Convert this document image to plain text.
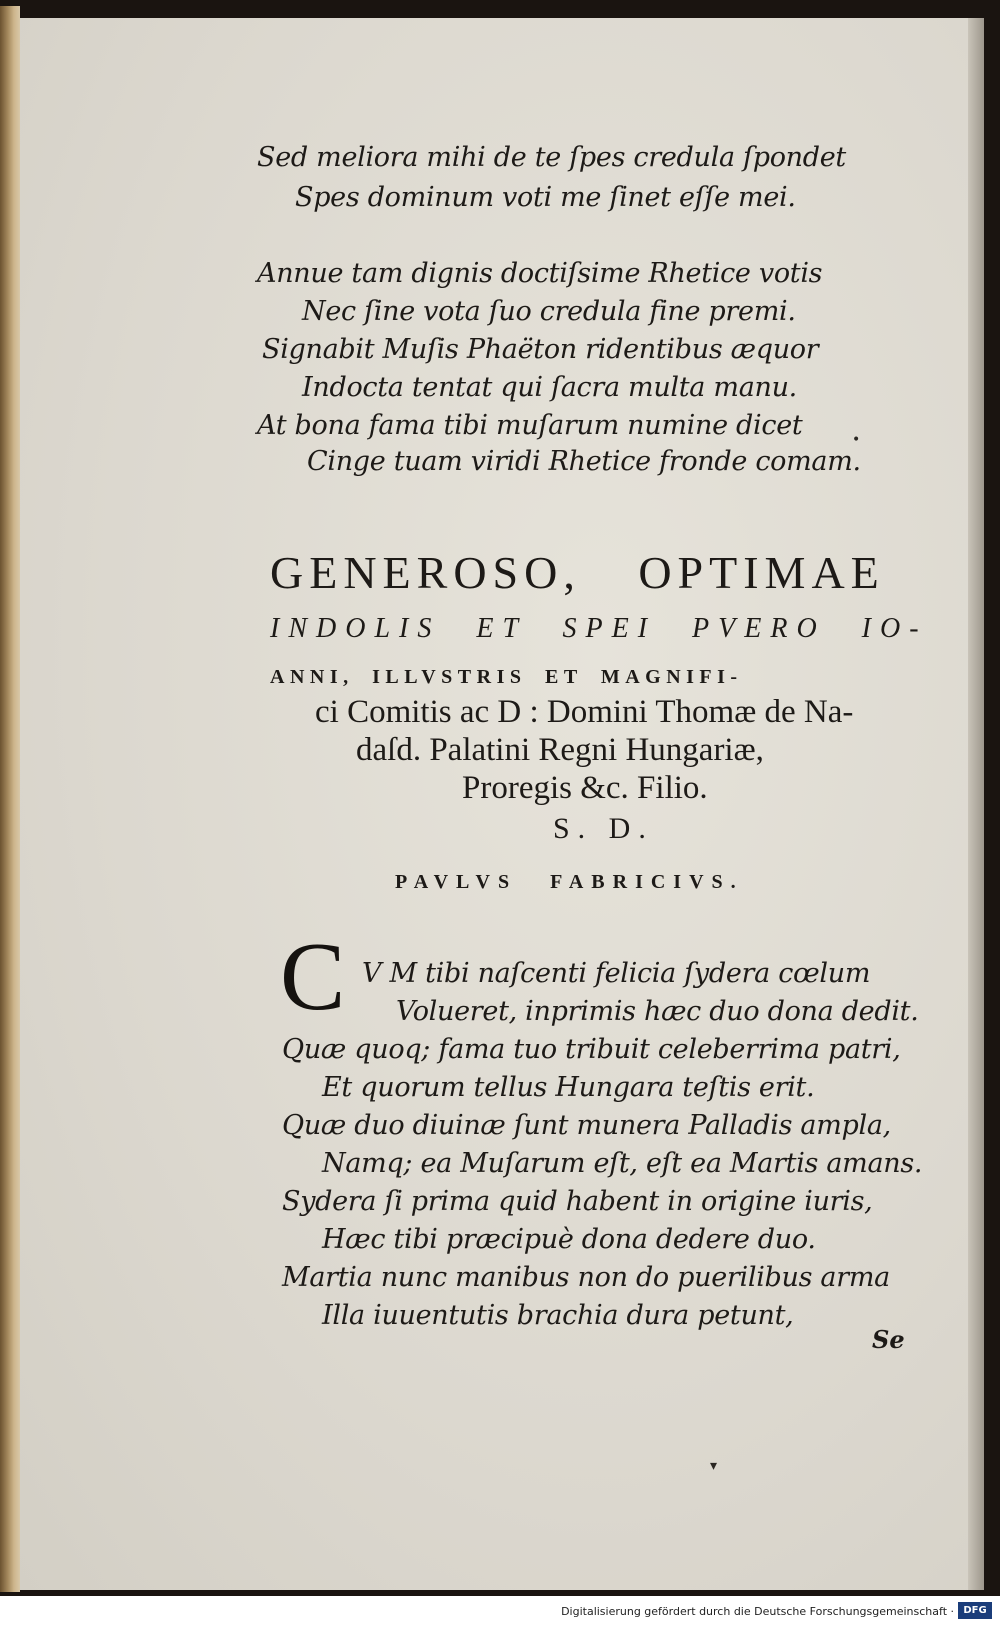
Sed meliora mihi de te ſpes credula ſpondet
Spes dominum voti me ſinet eſſe mei.
Annue tam dignis doctiſsime Rhetice votis
Nec ſine vota ſuo credula fine premi.
Signabit Muſis Phaëton ridentibus æquor
Indocta tentat qui ſacra multa manu.
At bona fama tibi muſarum numine dicet
Cinge tuam viridi Rhetice fronde comam.
•
GENEROSO, OPTIMAE
INDOLIS ET SPEI PVERO IO-
ANNI, ILLVSTRIS ET MAGNIFI-
ci Comitis ac D : Domini Thomæ de Na-
daſd. Palatini Regni Hungariæ,
Proregis &c. Filio.
S. D.
PAVLVS FABRICIVS.
C V M tibi naſcenti felicia ſydera cœlum
Volueret, inprimis hæc duo dona dedit.
Quæ quoq; fama tuo tribuit celeberrima patri,
Et quorum tellus Hungara teſtis erit.
Quæ duo diuinæ ſunt munera Palladis ampla,
Namq; ea Muſarum eſt, eſt ea Martis amans.
Sydera ſi prima quid habent in origine iuris,
Hæc tibi præcipuè dona dedere duo.
Martia nunc manibus non do puerilibus arma
Illa iuuentutis brachia dura petunt,
Se
▾
Digitalisierung gefördert durch die Deutsche Forschungsgemeinschaft · DFG
